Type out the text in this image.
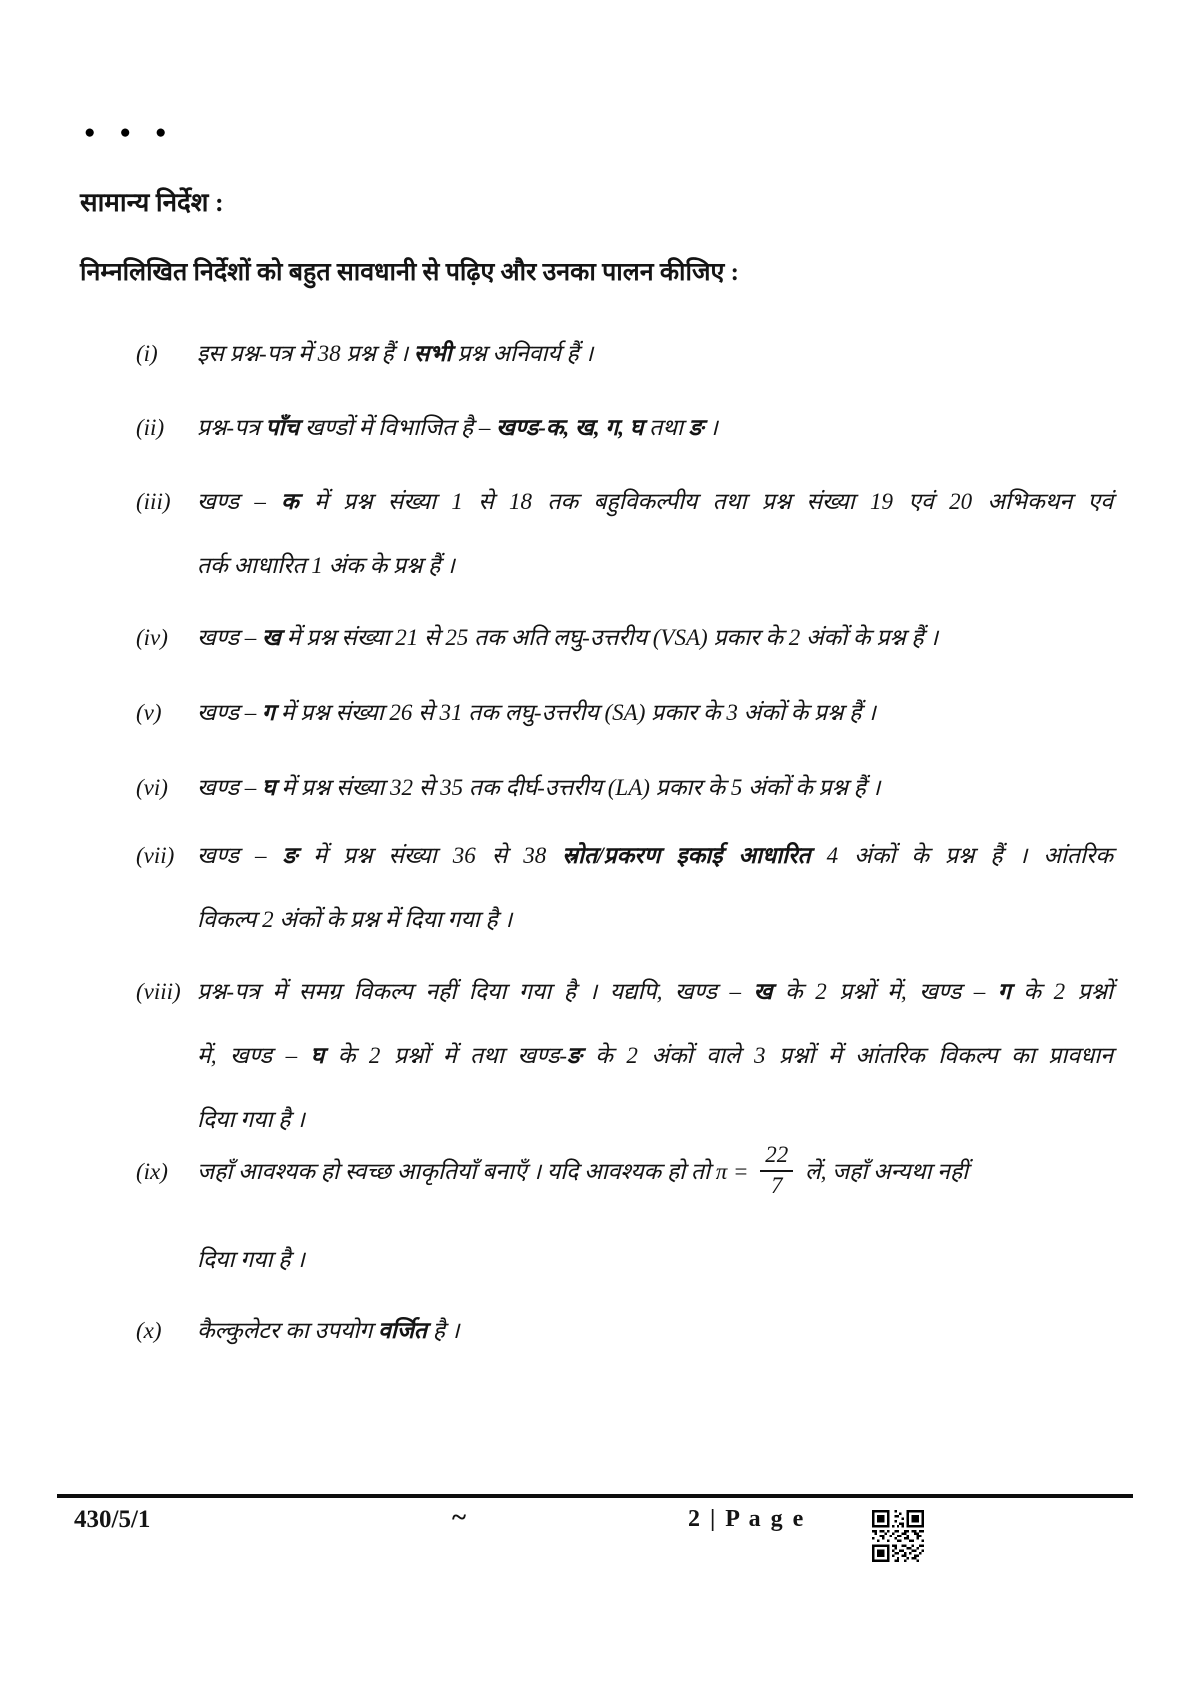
●●●
सामान्य निर्देश :
निम्नलिखित निर्देशों को बहुत सावधानी से पढ़िए और उनका पालन कीजिए :
(i) इस प्रश्न-पत्र में 38 प्रश्न हैं । सभी प्रश्न अनिवार्य हैं ।
(ii) प्रश्न-पत्र पाँच खण्डों में विभाजित है – खण्ड-क, ख, ग, घ तथा ङ ।
(iii) खण्ड – क में प्रश्न संख्या 1 से 18 तक बहुविकल्पीय तथा प्रश्न संख्या 19 एवं 20 अभिकथन एवं
तर्क आधारित 1 अंक के प्रश्न हैं ।
(iv) खण्ड – ख में प्रश्न संख्या 21 से 25 तक अति लघु-उत्तरीय (VSA) प्रकार के 2 अंकों के प्रश्न हैं ।
(v) खण्ड – ग में प्रश्न संख्या 26 से 31 तक लघु-उत्तरीय (SA) प्रकार के 3 अंकों के प्रश्न हैं ।
(vi) खण्ड – घ में प्रश्न संख्या 32 से 35 तक दीर्घ-उत्तरीय (LA) प्रकार के 5 अंकों के प्रश्न हैं ।
(vii) खण्ड – ङ में प्रश्न संख्या 36 से 38 स्रोत/प्रकरण इकाई आधारित 4 अंकों के प्रश्न हैं । आंतरिक
विकल्प 2 अंकों के प्रश्न में दिया गया है ।
(viii) प्रश्न-पत्र में समग्र विकल्प नहीं दिया गया है । यद्यपि, खण्ड – ख के 2 प्रश्नों में, खण्ड – ग के 2 प्रश्नों
में, खण्ड – घ के 2 प्रश्नों में तथा खण्ड-ङ के 2 अंकों वाले 3 प्रश्नों में आंतरिक विकल्प का प्रावधान
दिया गया है ।
(ix) जहाँ आवश्यक हो स्वच्छ आकृतियाँ बनाएँ । यदि आवश्यक हो तो $\pi = \frac{22}{7}$ लें, जहाँ अन्यथा नहीं
दिया गया है ।
(x) कैल्कुलेटर का उपयोग वर्जित है ।
430/5/1	~	2 | P a g e
